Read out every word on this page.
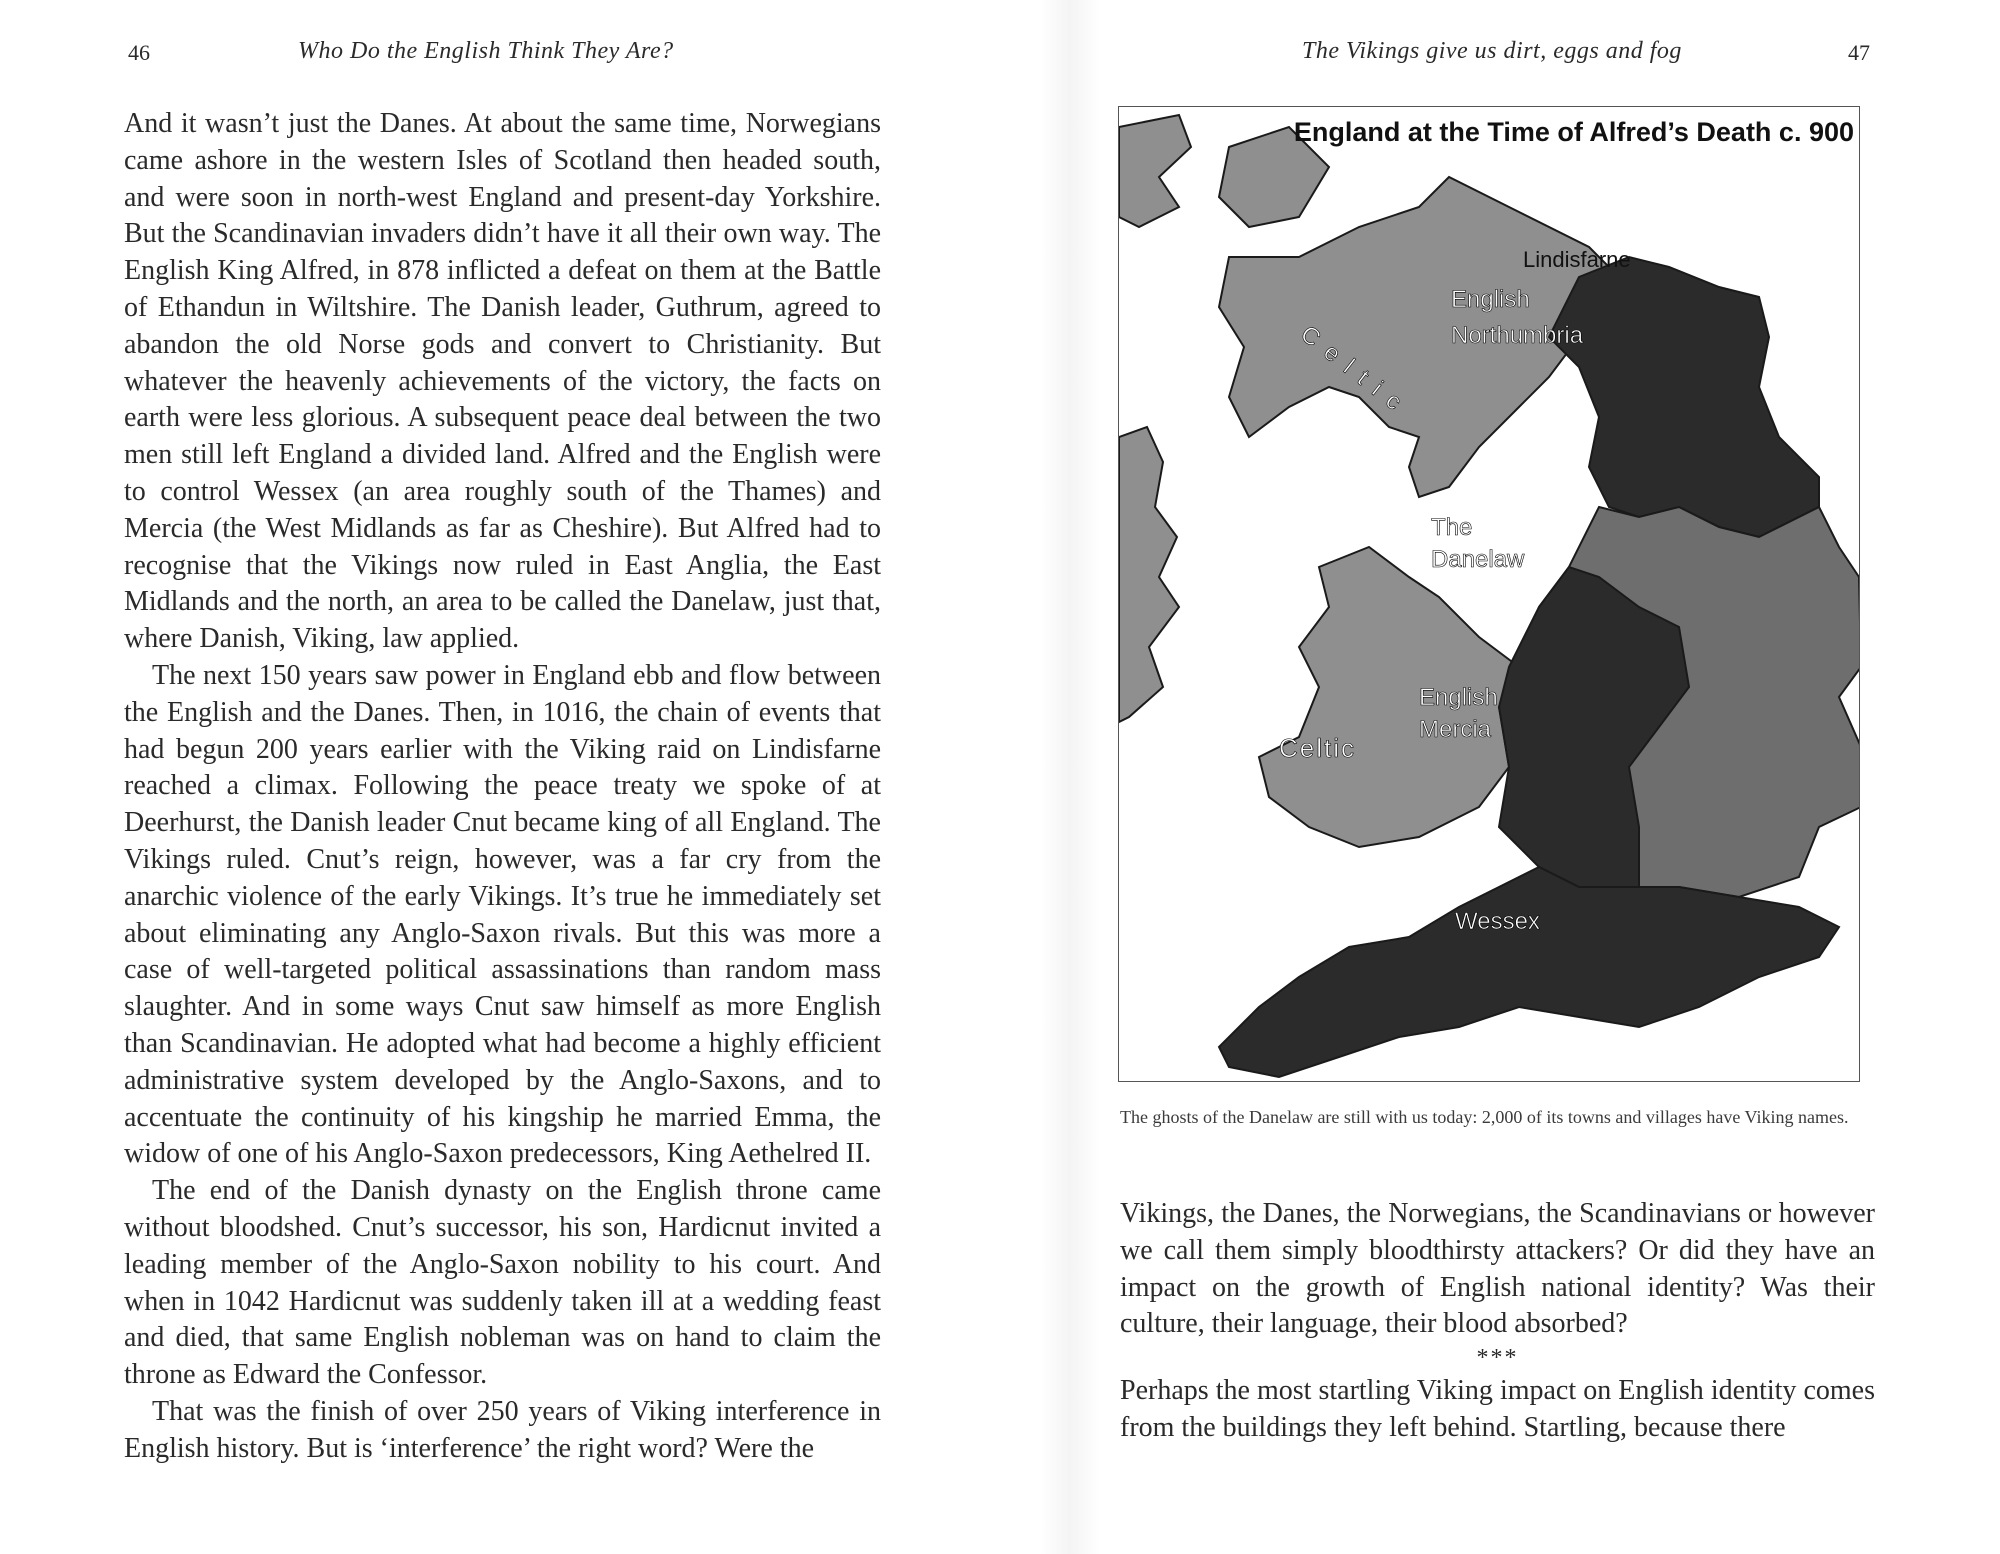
46	Who Do the English Think They Are?

And it wasn’t just the Danes. At about the same time, Norwegians came ashore in the western Isles of Scotland then headed south, and were soon in north-west England and present-day Yorkshire. But the Scandinavian invaders didn’t have it all their own way. The English King Alfred, in 878 inflicted a defeat on them at the Battle of Ethandun in Wiltshire. The Danish leader, Guthrum, agreed to abandon the old Norse gods and convert to Christianity. But whatever the heavenly achievements of the victory, the facts on earth were less glorious. A subsequent peace deal between the two men still left England a divided land. Alfred and the English were to control Wessex (an area roughly south of the Thames) and Mercia (the West Midlands as far as Cheshire). But Alfred had to recognise that the Vikings now ruled in East Anglia, the East Midlands and the north, an area to be called the Danelaw, just that, where Danish, Viking, law applied.

The next 150 years saw power in England ebb and flow between the English and the Danes. Then, in 1016, the chain of events that had begun 200 years earlier with the Viking raid on Lindisfarne reached a climax. Following the peace treaty we spoke of at Deerhurst, the Danish leader Cnut became king of all England. The Vikings ruled. Cnut’s reign, however, was a far cry from the anarchic violence of the early Vikings. It’s true he immediately set about eliminating any Anglo-Saxon rivals. But this was more a case of well-targeted political assassinations than random mass slaughter. And in some ways Cnut saw himself as more English than Scandinavian. He adopted what had become a highly efficient administrative system developed by the Anglo-Saxons, and to accentuate the continuity of his kingship he married Emma, the widow of one of his Anglo-Saxon predecessors, King Aethelred II.

The end of the Danish dynasty on the English throne came without bloodshed. Cnut’s successor, his son, Hardicnut invited a leading member of the Anglo-Saxon nobility to his court. And when in 1042 Hardicnut was suddenly taken ill at a wedding feast and died, that same English nobleman was on hand to claim the throne as Edward the Confessor.

That was the finish of over 250 years of Viking interference in English history. But is ‘interference’ the right word? Were the

The Vikings give us dirt, eggs and fog	47
England at the Time of Alfred’s Death c. 900
Lindisfarne
English
Northumbria
Celtic
The
Danelaw
English
Mercia
Celtic
Wessex
The ghosts of the Danelaw are still with us today: 2,000 of its towns and villages have Viking names.

Vikings, the Danes, the Norwegians, the Scandinavians or however we call them simply bloodthirsty attackers? Or did they have an impact on the growth of English national identity? Was their culture, their language, their blood absorbed?

***

Perhaps the most startling Viking impact on English identity comes from the buildings they left behind. Startling, because there
